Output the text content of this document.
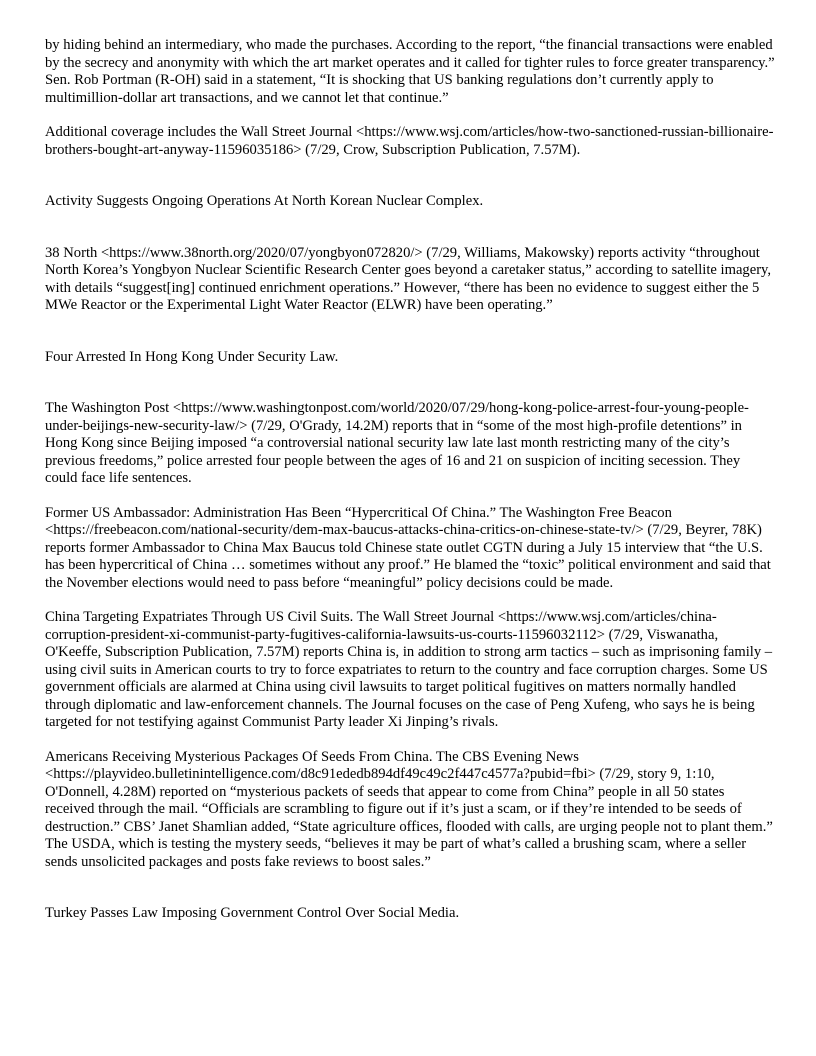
by hiding behind an intermediary, who made the purchases. According to the report, “the financial transactions were enabled by the secrecy and anonymity with which the art market operates and it called for tighter rules to force greater transparency.” Sen. Rob Portman (R-OH) said in a statement, “It is shocking that US banking regulations don’t currently apply to multimillion-dollar art transactions, and we cannot let that continue.”

Additional coverage includes the Wall Street Journal <https://www.wsj.com/articles/how-two-sanctioned-russian-billionaire-brothers-bought-art-anyway-11596035186> (7/29, Crow, Subscription Publication, 7.57M).

Activity Suggests Ongoing Operations At North Korean Nuclear Complex.

38 North <https://www.38north.org/2020/07/yongbyon072820/> (7/29, Williams, Makowsky) reports activity “throughout North Korea’s Yongbyon Nuclear Scientific Research Center goes beyond a caretaker status,” according to satellite imagery, with details “suggest[ing] continued enrichment operations.” However, “there has been no evidence to suggest either the 5 MWe Reactor or the Experimental Light Water Reactor (ELWR) have been operating.”

Four Arrested In Hong Kong Under Security Law.

The Washington Post <https://www.washingtonpost.com/world/2020/07/29/hong-kong-police-arrest-four-young-people-under-beijings-new-security-law/> (7/29, O'Grady, 14.2M) reports that in “some of the most high-profile detentions” in Hong Kong since Beijing imposed “a controversial national security law late last month restricting many of the city’s previous freedoms,” police arrested four people between the ages of 16 and 21 on suspicion of inciting secession. They could face life sentences.

Former US Ambassador: Administration Has Been “Hypercritical Of China.” The Washington Free Beacon <https://freebeacon.com/national-security/dem-max-baucus-attacks-china-critics-on-chinese-state-tv/> (7/29, Beyrer, 78K) reports former Ambassador to China Max Baucus told Chinese state outlet CGTN during a July 15 interview that “the U.S. has been hypercritical of China … sometimes without any proof.” He blamed the “toxic” political environment and said that the November elections would need to pass before “meaningful” policy decisions could be made.

China Targeting Expatriates Through US Civil Suits. The Wall Street Journal <https://www.wsj.com/articles/china-corruption-president-xi-communist-party-fugitives-california-lawsuits-us-courts-11596032112> (7/29, Viswanatha, O'Keeffe, Subscription Publication, 7.57M) reports China is, in addition to strong arm tactics – such as imprisoning family – using civil suits in American courts to try to force expatriates to return to the country and face corruption charges. Some US government officials are alarmed at China using civil lawsuits to target political fugitives on matters normally handled through diplomatic and law-enforcement channels. The Journal focuses on the case of Peng Xufeng, who says he is being targeted for not testifying against Communist Party leader Xi Jinping’s rivals.

Americans Receiving Mysterious Packages Of Seeds From China. The CBS Evening News <https://playvideo.bulletinintelligence.com/d8c91ededb894df49c49c2f447c4577a?pubid=fbi> (7/29, story 9, 1:10, O'Donnell, 4.28M) reported on “mysterious packets of seeds that appear to come from China” people in all 50 states received through the mail. “Officials are scrambling to figure out if it’s just a scam, or if they’re intended to be seeds of destruction.” CBS’ Janet Shamlian added, “State agriculture offices, flooded with calls, are urging people not to plant them.” The USDA, which is testing the mystery seeds, “believes it may be part of what’s called a brushing scam, where a seller sends unsolicited packages and posts fake reviews to boost sales.”

Turkey Passes Law Imposing Government Control Over Social Media.
